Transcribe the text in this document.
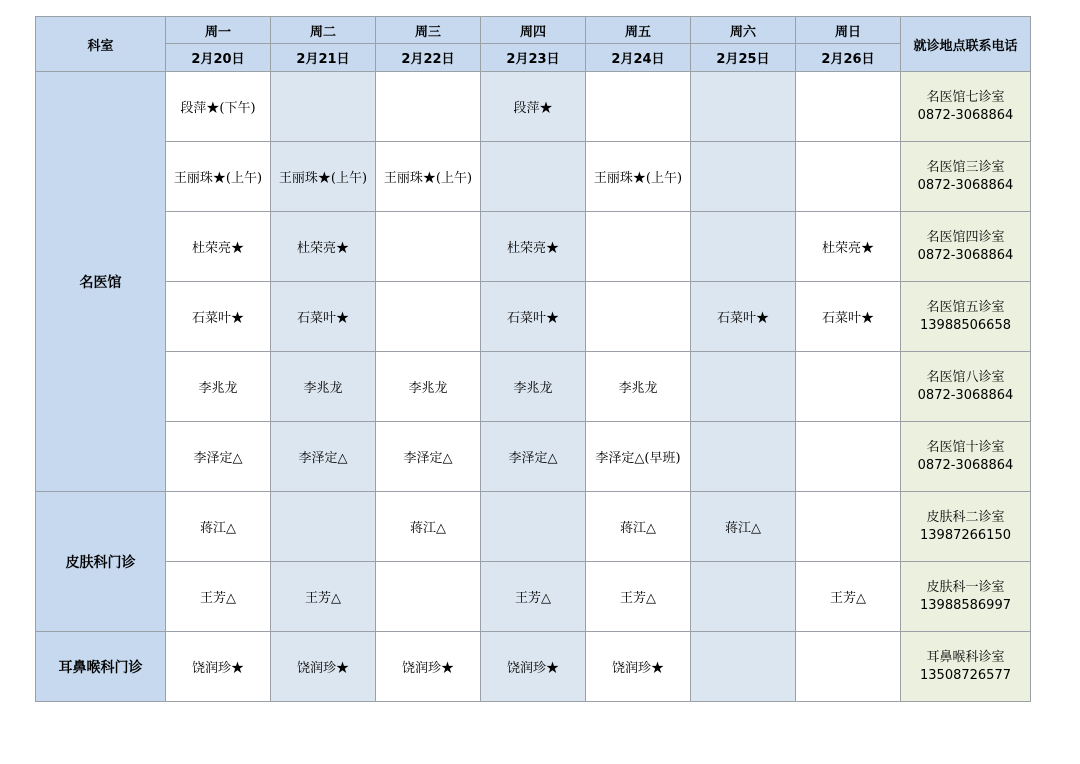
科室	周一	周二	周三	周四	周五	周六	周日	就诊地点联系电话
	2月20日	2月21日	2月22日	2月23日	2月24日	2月25日	2月26日	
名医馆	段萍★(下午)			段萍★				名医馆七诊室
0872-3068864

	王丽珠★(上午)	王丽珠★(上午)	王丽珠★(上午)		王丽珠★(上午)			名医馆三诊室
0872-3068864

	杜荣亮★	杜荣亮★		杜荣亮★			杜荣亮★	名医馆四诊室
0872-3068864

	石菜叶★	石菜叶★		石菜叶★		石菜叶★	石菜叶★	名医馆五诊室
13988506658

	李兆龙	李兆龙	李兆龙	李兆龙	李兆龙			名医馆八诊室
0872-3068864

	李泽定△	李泽定△	李泽定△	李泽定△	李泽定△(早班)			名医馆十诊室
0872-3068864

皮肤科门诊	蒋江△		蒋江△		蒋江△	蒋江△		皮肤科二诊室
13987266150

	王芳△	王芳△		王芳△	王芳△		王芳△	皮肤科一诊室
13988586997

耳鼻喉科门诊	饶润珍★	饶润珍★	饶润珍★	饶润珍★	饶润珍★			耳鼻喉科诊室
13508726577
